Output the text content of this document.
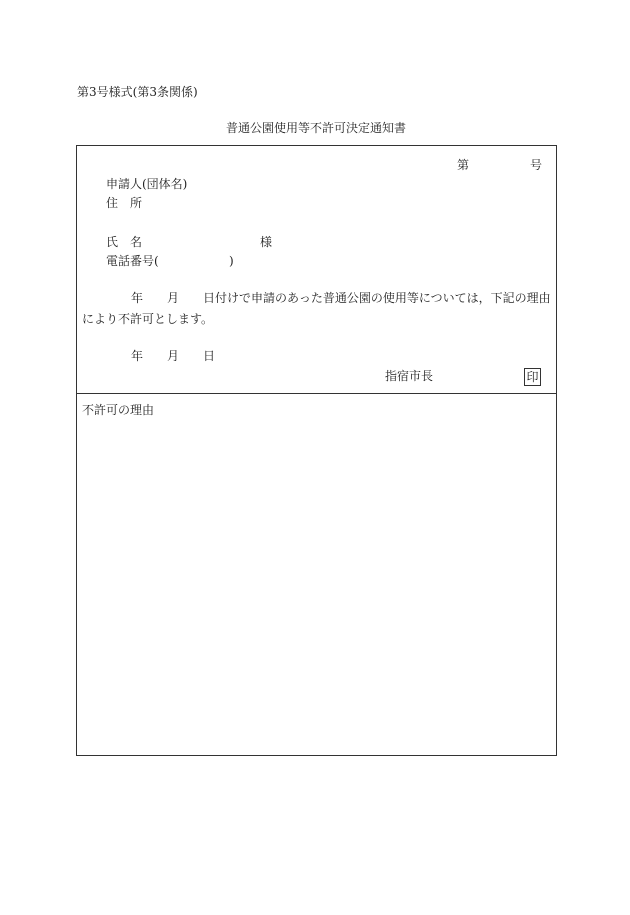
第3号様式(第3条関係)
普通公園使用等不許可決定通知書
第	号
申請人(団体名)
住　所
氏　名	様
電話番号(	)
年　　月　　日付けで申請のあった普通公園の使用等については，下記の理由
により不許可とします。
年　　月　　日
指宿市長	印
不許可の理由
